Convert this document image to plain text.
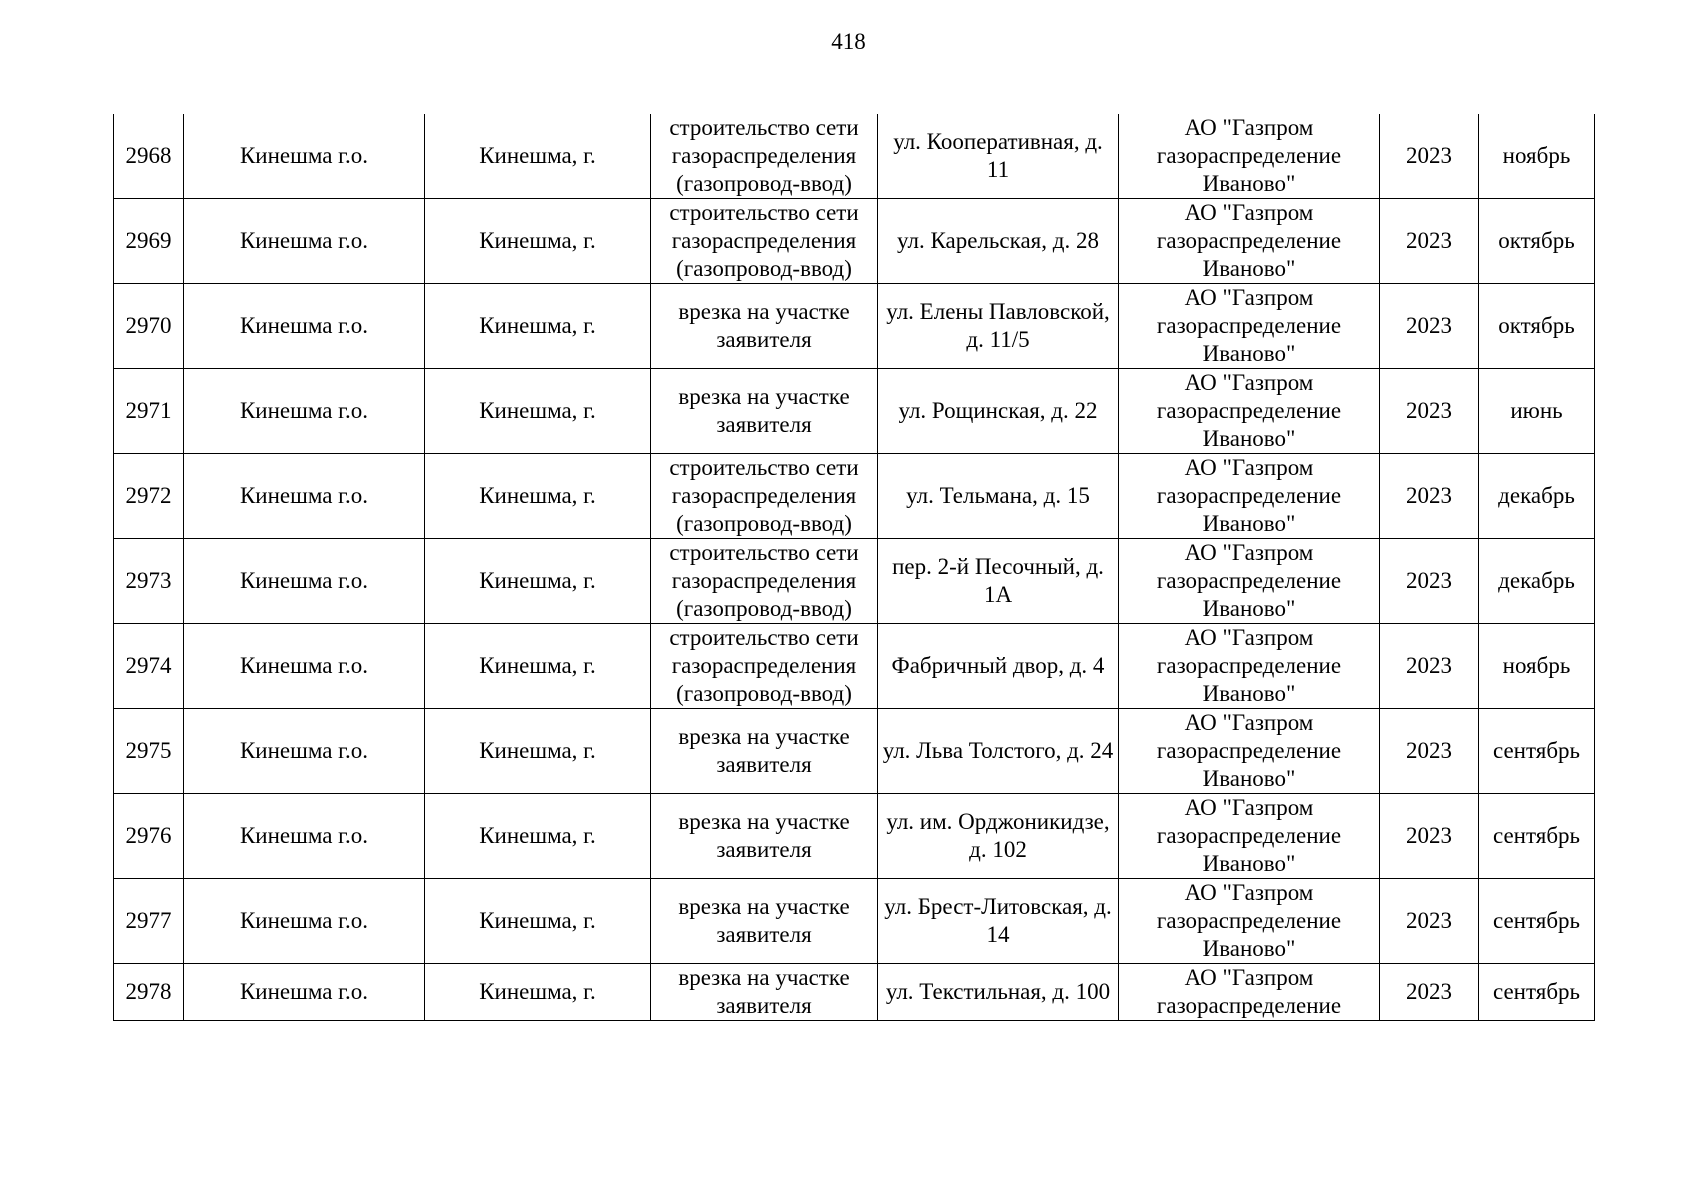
418
2968	Кинешма г.о.	Кинешма, г.	строительство сети газораспределения (газопровод-ввод)	ул. Кооперативная, д. 11	АО "Газпром газораспределение Иваново"	2023	ноябрь

2969	Кинешма г.о.	Кинешма, г.	строительство сети газораспределения (газопровод-ввод)	ул. Карельская, д. 28	АО "Газпром газораспределение Иваново"	2023	октябрь

2970	Кинешма г.о.	Кинешма, г.	врезка на участке заявителя	ул. Елены Павловской, д. 11/5	АО "Газпром газораспределение Иваново"	2023	октябрь

2971	Кинешма г.о.	Кинешма, г.	врезка на участке заявителя	ул. Рощинская, д. 22	АО "Газпром газораспределение Иваново"	2023	июнь

2972	Кинешма г.о.	Кинешма, г.	строительство сети газораспределения (газопровод-ввод)	ул. Тельмана, д. 15	АО "Газпром газораспределение Иваново"	2023	декабрь

2973	Кинешма г.о.	Кинешма, г.	строительство сети газораспределения (газопровод-ввод)	пер. 2-й Песочный, д. 1А	АО "Газпром газораспределение Иваново"	2023	декабрь

2974	Кинешма г.о.	Кинешма, г.	строительство сети газораспределения (газопровод-ввод)	Фабричный двор, д. 4	АО "Газпром газораспределение Иваново"	2023	ноябрь

2975	Кинешма г.о.	Кинешма, г.	врезка на участке заявителя	ул. Льва Толстого, д. 24	АО "Газпром газораспределение Иваново"	2023	сентябрь

2976	Кинешма г.о.	Кинешма, г.	врезка на участке заявителя	ул. им. Орджоникидзе, д. 102	АО "Газпром газораспределение Иваново"	2023	сентябрь

2977	Кинешма г.о.	Кинешма, г.	врезка на участке заявителя	ул. Брест-Литовская, д. 14	АО "Газпром газораспределение Иваново"	2023	сентябрь

2978	Кинешма г.о.	Кинешма, г.	врезка на участке заявителя	ул. Текстильная, д. 100	АО "Газпром газораспределение	2023	сентябрь
